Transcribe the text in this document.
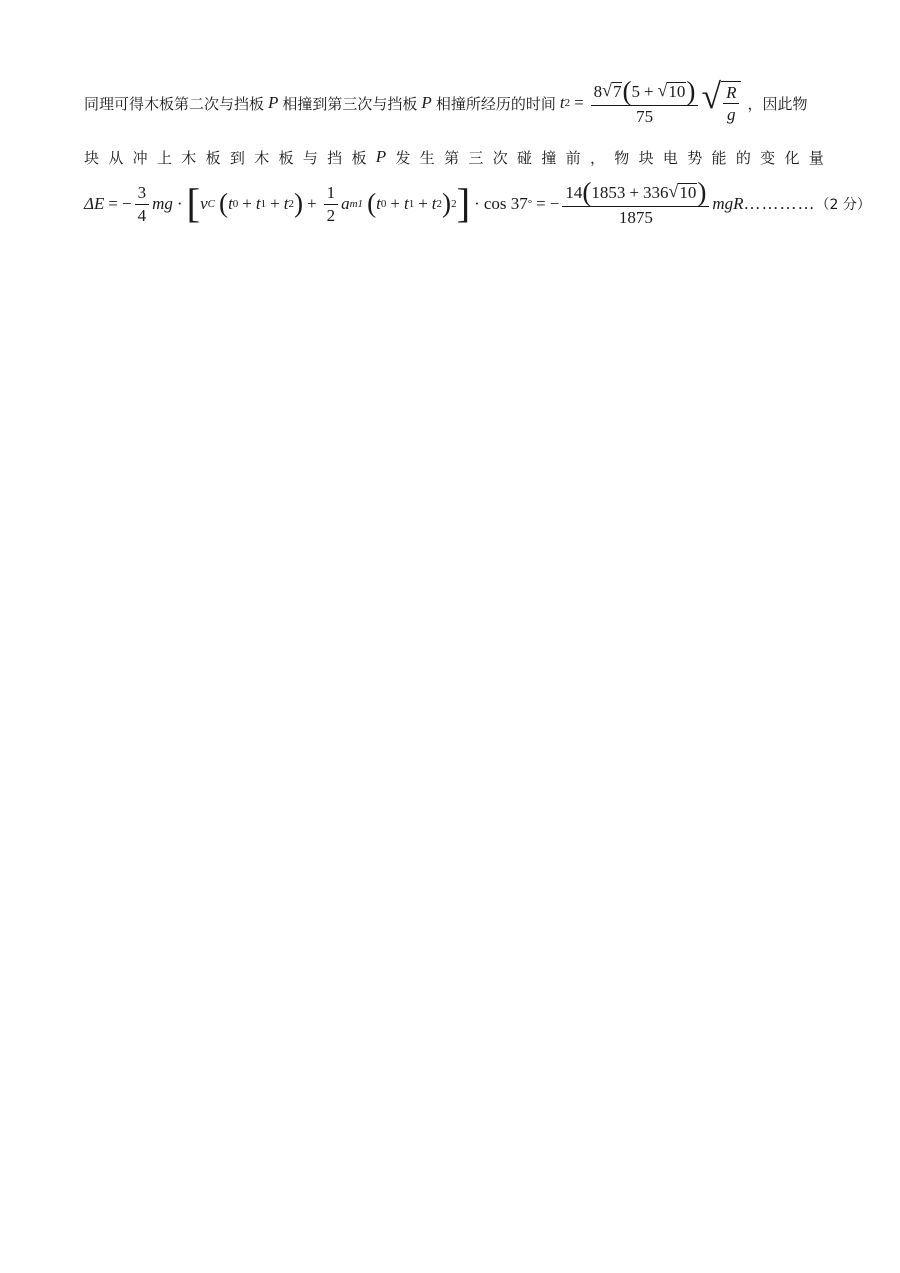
同理可得木板第二次与挡板 P 相撞到第三次与挡板 P 相撞所经历的时间 t 2 =
8 √ 7 ( 5 + √ 10 )
75
√ $\frac{R}{g}$ ，因此物
块 从 冲 上 木 板 到 木 板 与 挡 板 P 发 生 第 三 次 碰 撞 前 ， 物 块 电 势 能 的 变 化 量
ΔE = − $\frac{3}{4}$ mg · [ v C ( t 0 + t 1 + t 2 ) + $\frac{1}{2}$ a m1 ( t 0 + t 1 + t 2 ) 2 ] · cos 37 ° = −
14 ( 1853 + 336 √ 10 )
1875
mgR ………… （2 分）
